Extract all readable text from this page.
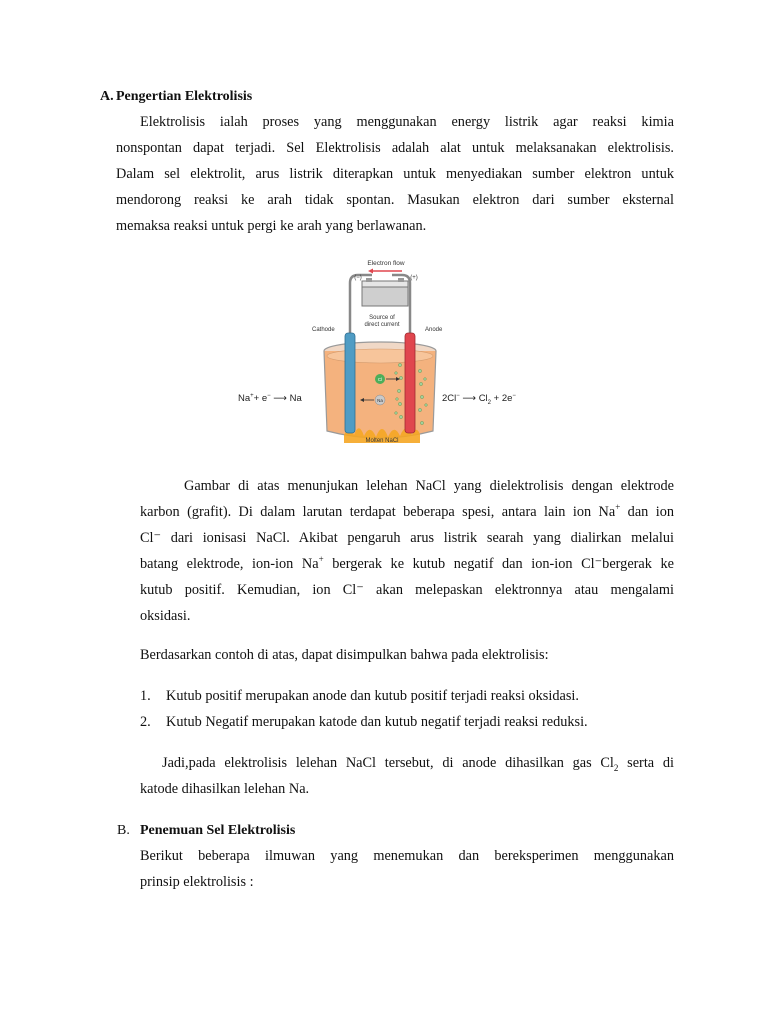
A. Pengertian Elektrolisis
Elektrolisis ialah proses yang menggunakan energy listrik agar reaksi kimia
nonspontan dapat terjadi. Sel Elektrolisis adalah alat untuk melaksanakan elektrolisis.
Dalam sel elektrolit, arus listrik diterapkan untuk menyediakan sumber elektron untuk
mendorong reaksi ke arah tidak spontan. Masukan elektron dari sumber eksternal
memaksa reaksi untuk pergi ke arah yang berlawanan.
Electron flow
(−)	(+)
Source of
direct current
Cathode	Anode
Molten NaCl
Cl
Na
Na++ e− ⟶ Na	2Cl− ⟶ $Cl_2 + 2e^-$
Gambar di atas menunjukan lelehan NaCl yang dielektrolisis dengan elektrode
karbon (grafit). Di dalam larutan terdapat beberapa spesi, antara lain ion Na+ dan ion
Cl⁻ dari ionisasi NaCl. Akibat pengaruh arus listrik searah yang dialirkan melalui
batang elektrode, ion-ion Na+ bergerak ke kutub negatif dan ion-ion Cl⁻bergerak ke
kutub positif. Kemudian, ion Cl⁻ akan melepaskan elektronnya atau mengalami
oksidasi.
Berdasarkan contoh di atas, dapat disimpulkan bahwa pada elektrolisis:
1.	Kutub positif merupakan anode dan kutub positif terjadi reaksi oksidasi.
2.	Kutub Negatif merupakan katode dan kutub negatif terjadi reaksi reduksi.
Jadi,pada elektrolisis lelehan NaCl tersebut, di anode dihasilkan gas $Cl_2$ serta di
katode dihasilkan lelehan Na.
B. Penemuan Sel Elektrolisis
Berikut beberapa ilmuwan yang menemukan dan bereksperimen menggunakan
prinsip elektrolisis :
